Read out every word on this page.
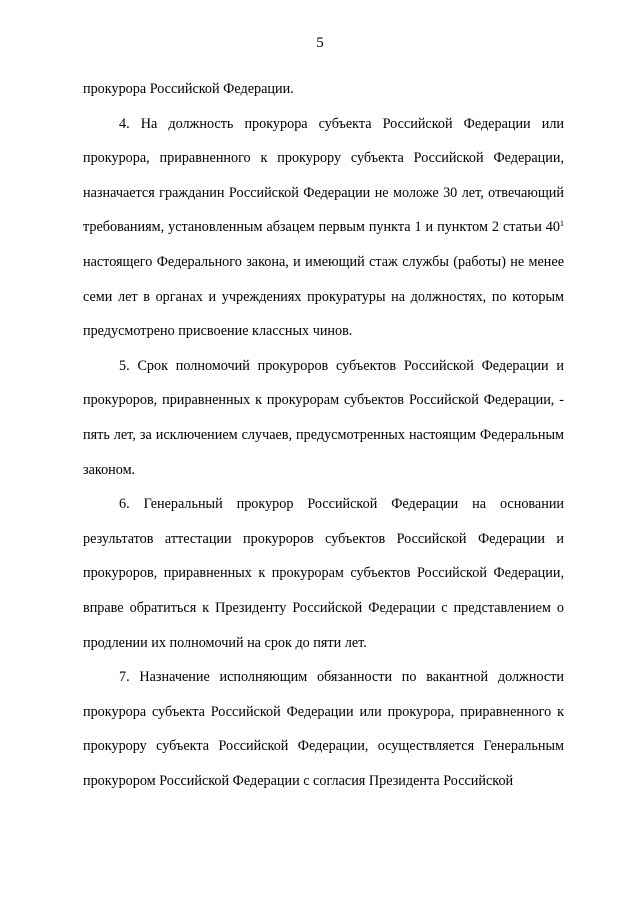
5

прокурора Российской Федерации.

4. На должность прокурора субъекта Российской Федерации или прокурора, приравненного к прокурору субъекта Российской Федерации, назначается гражданин Российской Федерации не моложе 30 лет, отвечающий требованиям, установленным абзацем первым пункта 1 и пунктом 2 статьи $40^1$ настоящего Федерального закона, и имеющий стаж службы (работы) не менее семи лет в органах и учреждениях прокуратуры на должностях, по которым предусмотрено присвоение классных чинов.

5. Срок полномочий прокуроров субъектов Российской Федерации и прокуроров, приравненных к прокурорам субъектов Российской Федерации, - пять лет, за исключением случаев, предусмотренных настоящим Федеральным законом.

6. Генеральный прокурор Российской Федерации на основании результатов аттестации прокуроров субъектов Российской Федерации и прокуроров, приравненных к прокурорам субъектов Российской Федерации, вправе обратиться к Президенту Российской Федерации с представлением о продлении их полномочий на срок до пяти лет.

7. Назначение исполняющим обязанности по вакантной должности прокурора субъекта Российской Федерации или прокурора, приравненного к прокурору субъекта Российской Федерации, осуществляется Генеральным прокурором Российской Федерации с согласия Президента Российской
